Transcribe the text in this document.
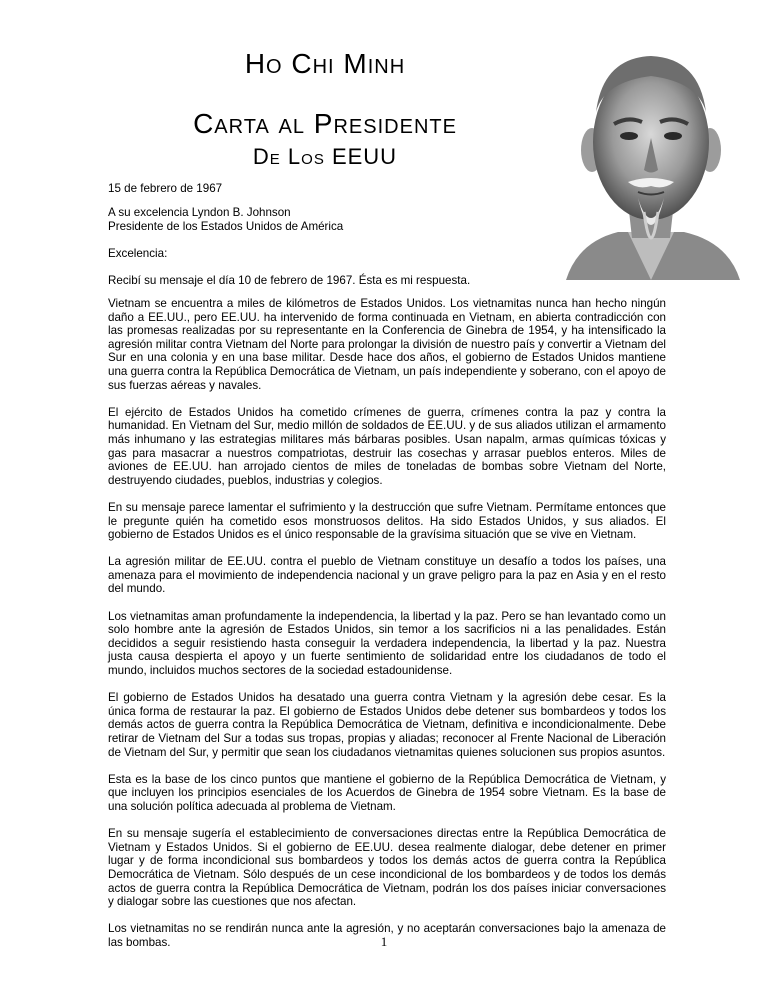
Ho Chi Minh
Carta al Presidente
De Los EEUU
15 de febrero de 1967
A su excelencia Lyndon B. Johnson
Presidente de los Estados Unidos de América
Excelencia:
Recibí su mensaje el día 10 de febrero de 1967. Ésta es mi respuesta.

Vietnam se encuentra a miles de kilómetros de Estados Unidos. Los vietnamitas nunca han hecho ningún daño a EE.UU., pero EE.UU. ha intervenido de forma continuada en Vietnam, en abierta contradicción con las promesas realizadas por su representante en la Conferencia de Ginebra de 1954, y ha intensificado la agresión militar contra Vietnam del Norte para prolongar la división de nuestro país y convertir a Vietnam del Sur en una colonia y en una base militar. Desde hace dos años, el gobierno de Estados Unidos mantiene una guerra contra la República Democrática de Vietnam, un país independiente y soberano, con el apoyo de sus fuerzas aéreas y navales.

El ejército de Estados Unidos ha cometido crímenes de guerra, crímenes contra la paz y contra la humanidad. En Vietnam del Sur, medio millón de soldados de EE.UU. y de sus aliados utilizan el armamento más inhumano y las estrategias militares más bárbaras posibles. Usan napalm, armas químicas tóxicas y gas para masacrar a nuestros compatriotas, destruir las cosechas y arrasar pueblos enteros. Miles de aviones de EE.UU. han arrojado cientos de miles de toneladas de bombas sobre Vietnam del Norte, destruyendo ciudades, pueblos, industrias y colegios.

En su mensaje parece lamentar el sufrimiento y la destrucción que sufre Vietnam. Permítame entonces que le pregunte quién ha cometido esos monstruosos delitos. Ha sido Estados Unidos, y sus aliados. El gobierno de Estados Unidos es el único responsable de la gravísima situación que se vive en Vietnam.

La agresión militar de EE.UU. contra el pueblo de Vietnam constituye un desafío a todos los países, una amenaza para el movimiento de independencia nacional y un grave peligro para la paz en Asia y en el resto del mundo.

Los vietnamitas aman profundamente la independencia, la libertad y la paz. Pero se han levantado como un solo hombre ante la agresión de Estados Unidos, sin temor a los sacrificios ni a las penalidades. Están decididos a seguir resistiendo hasta conseguir la verdadera independencia, la libertad y la paz. Nuestra justa causa despierta el apoyo y un fuerte sentimiento de solidaridad entre los ciudadanos de todo el mundo, incluidos muchos sectores de la sociedad estadounidense.

El gobierno de Estados Unidos ha desatado una guerra contra Vietnam y la agresión debe cesar. Es la única forma de restaurar la paz. El gobierno de Estados Unidos debe detener sus bombardeos y todos los demás actos de guerra contra la República Democrática de Vietnam, definitiva e incondicionalmente. Debe retirar de Vietnam del Sur a todas sus tropas, propias y aliadas; reconocer al Frente Nacional de Liberación de Vietnam del Sur, y permitir que sean los ciudadanos vietnamitas quienes solucionen sus propios asuntos.

Esta es la base de los cinco puntos que mantiene el gobierno de la República Democrática de Vietnam, y que incluyen los principios esenciales de los Acuerdos de Ginebra de 1954 sobre Vietnam. Es la base de una solución política adecuada al problema de Vietnam.

En su mensaje sugería el establecimiento de conversaciones directas entre la República Democrática de Vietnam y Estados Unidos. Si el gobierno de EE.UU. desea realmente dialogar, debe detener en primer lugar y de forma incondicional sus bombardeos y todos los demás actos de guerra contra la República Democrática de Vietnam. Sólo después de un cese incondicional de los bombardeos y de todos los demás actos de guerra contra la República Democrática de Vietnam, podrán los dos países iniciar conversaciones y dialogar sobre las cuestiones que nos afectan.

Los vietnamitas no se rendirán nunca ante la agresión, y no aceptarán conversaciones bajo la amenaza de las bombas.	1
